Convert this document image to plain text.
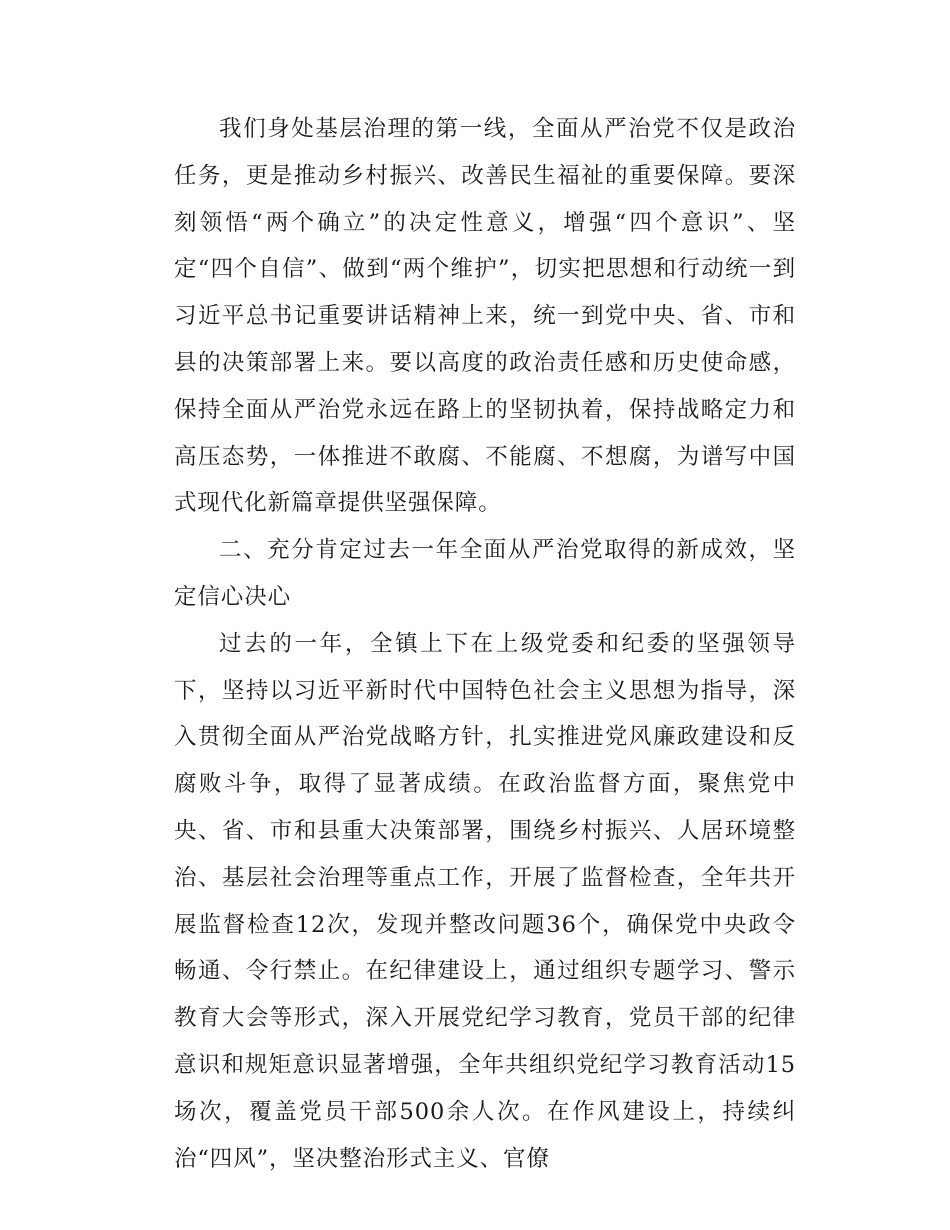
我们身处基层治理的第一线，全面从严治党不仅是政治任务，更是推动乡村振兴、改善民生福祉的重要保障。要深刻领悟“两个确立”的决定性意义，增强“四个意识”、坚定“四个自信”、做到“两个维护”，切实把思想和行动统一到习近平总书记重要讲话精神上来，统一到党中央、省、市和县的决策部署上来。要以高度的政治责任感和历史使命感，保持全面从严治党永远在路上的坚韧执着，保持战略定力和高压态势，一体推进不敢腐、不能腐、不想腐，为谱写中国式现代化新篇章提供坚强保障。

二、充分肯定过去一年全面从严治党取得的新成效，坚定信心决心

过去的一年，全镇上下在上级党委和纪委的坚强领导下，坚持以习近平新时代中国特色社会主义思想为指导，深入贯彻全面从严治党战略方针，扎实推进党风廉政建设和反腐败斗争，取得了显著成绩。在政治监督方面，聚焦党中央、省、市和县重大决策部署，围绕乡村振兴、人居环境整治、基层社会治理等重点工作，开展了监督检查，全年共开展监督检查12次，发现并整改问题36个，确保党中央政令畅通、令行禁止。在纪律建设上，通过组织专题学习、警示教育大会等形式，深入开展党纪学习教育，党员干部的纪律意识和规矩意识显著增强，全年共组织党纪学习教育活动15场次，覆盖党员干部500余人次。在作风建设上，持续纠治“四风”，坚决整治形式主义、官僚
